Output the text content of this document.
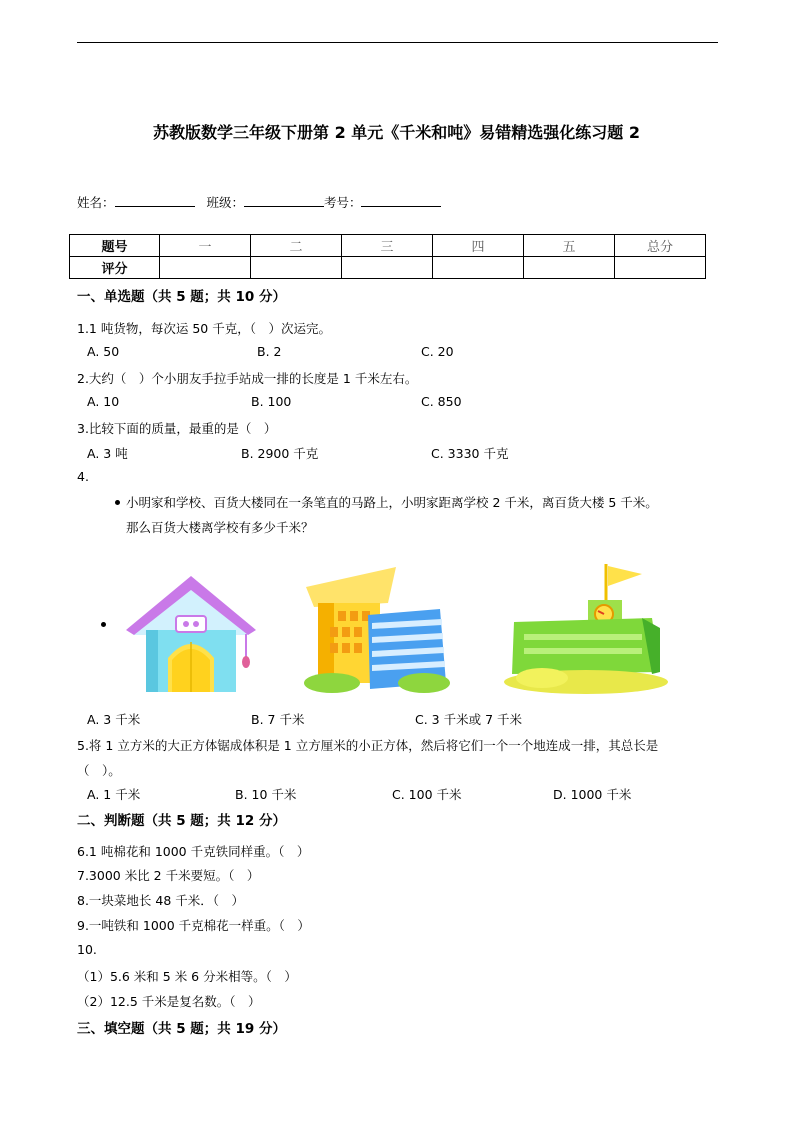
苏教版数学三年级下册第 2 单元《千米和吨》易错精选强化练习题 2
姓名：	班级：	考号：
题号	一	二	三	四	五	总分
评分						
一、单选题（共 5 题；共 10 分）
1.1 吨货物，每次运 50 千克，（　）次运完。
A. 50	B. 2	C. 20
2.大约（　）个小朋友手拉手站成一排的长度是 1 千米左右。
A. 10	B. 100	C. 850
3.比较下面的质量，最重的是（　）
A. 3 吨	B. 2900 千克	C. 3330 千克
4.
小明家和学校、百货大楼同在一条笔直的马路上，小明家距离学校 2 千米，离百货大楼 5 千米。
那么百货大楼离学校有多少千米？
A. 3 千米	B. 7 千米	C. 3 千米或 7 千米
5.将 1 立方米的大正方体锯成体积是 1 立方厘米的小正方体，然后将它们一个一个地连成一排，其总长是
（　）。
A. 1 千米	B. 10 千米	C. 100 千米	D. 1000 千米
二、判断题（共 5 题；共 12 分）
6.1 吨棉花和 1000 千克铁同样重。（　）
7.3000 米比 2 千米要短。（　）
8.一块菜地长 48 千米．（　）
9.一吨铁和 1000 千克棉花一样重。（　）
10.
（1）5.6 米和 5 米 6 分米相等。（　）
（2）12.5 千米是复名数。（　）
三、填空题（共 5 题；共 19 分）
